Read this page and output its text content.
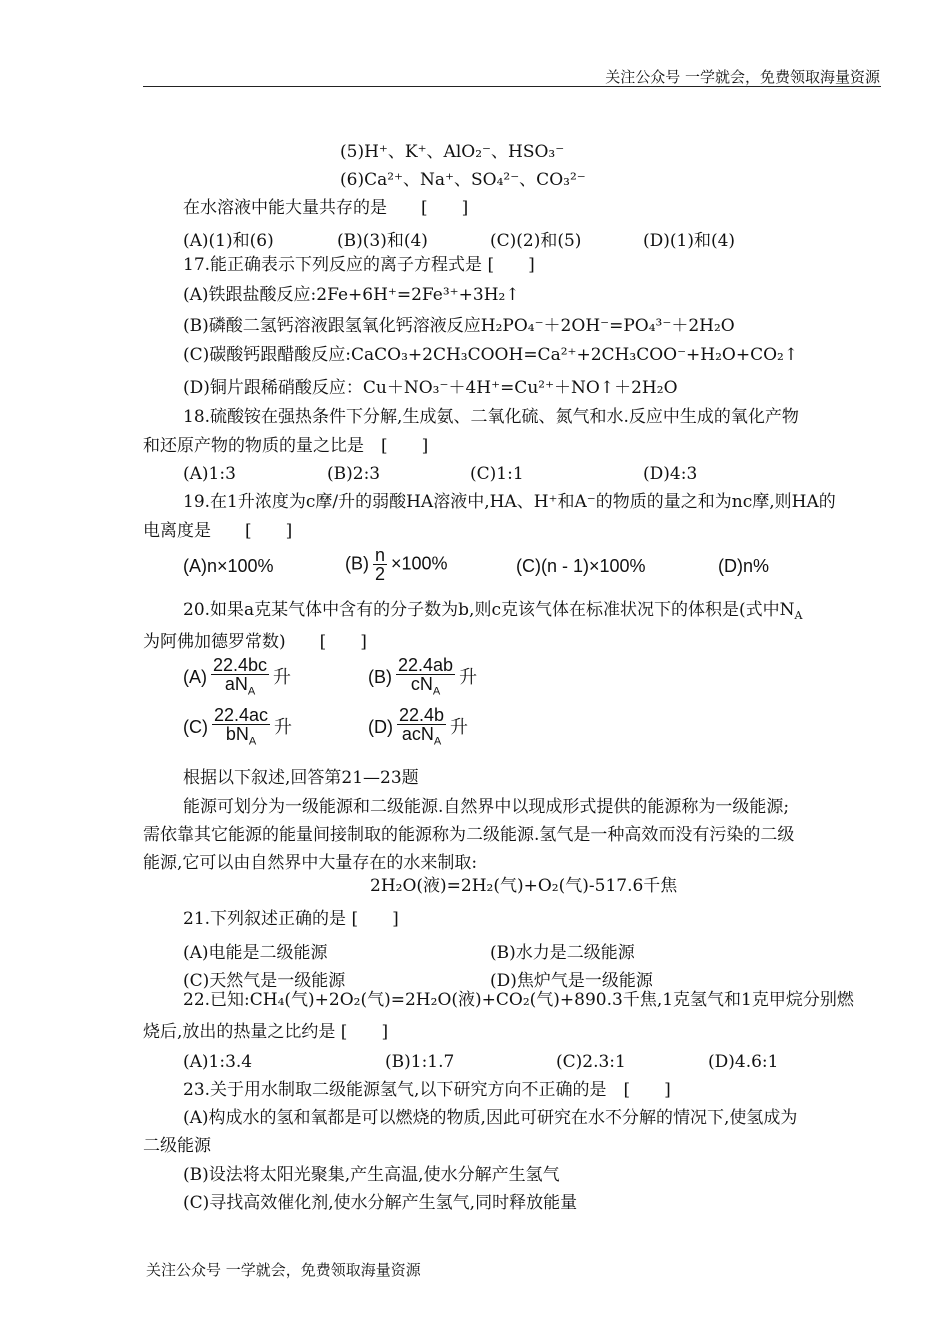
关注公众号 一学就会，免费领取海量资源
(5)H⁺、K⁺、AlO₂⁻、HSO₃⁻
(6)Ca²⁺、Na⁺、SO₄²⁻、CO₃²⁻
在水溶液中能大量共存的是　　[　　]
(A)(1)和(6)	(B)(3)和(4)	(C)(2)和(5)	(D)(1)和(4)
17.能正确表示下列反应的离子方程式是 [　　]
(A)铁跟盐酸反应:2Fe+6H⁺=2Fe³⁺+3H₂↑
(B)磷酸二氢钙溶液跟氢氧化钙溶液反应H₂PO₄⁻＋2OH⁻=PO₄³⁻＋2H₂O
(C)碳酸钙跟醋酸反应:CaCO₃+2CH₃COOH=Ca²⁺+2CH₃COO⁻+H₂O+CO₂↑
(D)铜片跟稀硝酸反应：Cu＋NO₃⁻＋4H⁺=Cu²⁺＋NO↑＋2H₂O
18.硫酸铵在强热条件下分解,生成氨、二氧化硫、氮气和水.反应中生成的氧化产物
和还原产物的物质的量之比是　[　　]
(A)1:3	(B)2:3	(C)1:1	(D)4:3
19.在1升浓度为c摩/升的弱酸HA溶液中,HA、H⁺和A⁻的物质的量之和为nc摩,则HA的
电离度是　　[　　]
(A)n×100%	$(B) \frac{n}{2} \times 100\%$	(C)(n - 1)×100%	(D)n%
20.如果a克某气体中含有的分子数为b,则c克该气体在标准状况下的体积是(式中$N_A$
为阿佛加德罗常数)　　[　　]
$(A) \frac{22.4bc}{aN_A}$ 升	$(B) \frac{22.4ab}{cN_A}$ 升
$(C) \frac{22.4ac}{bN_A}$ 升	$(D) \frac{22.4b}{acN_A}$ 升
根据以下叙述,回答第21—23题
能源可划分为一级能源和二级能源.自然界中以现成形式提供的能源称为一级能源;
需依靠其它能源的能量间接制取的能源称为二级能源.氢气是一种高效而没有污染的二级
能源,它可以由自然界中大量存在的水来制取:
2H₂O(液)=2H₂(气)+O₂(气)-517.6千焦
21.下列叙述正确的是 [　　]
(A)电能是二级能源	(B)水力是二级能源
(C)天然气是一级能源	(D)焦炉气是一级能源
22.已知:CH₄(气)+2O₂(气)=2H₂O(液)+CO₂(气)+890.3千焦,1克氢气和1克甲烷分别燃
烧后,放出的热量之比约是 [　　]
(A)1:3.4	(B)1:1.7	(C)2.3:1	(D)4.6:1
23.关于用水制取二级能源氢气,以下研究方向不正确的是　[　　]
(A)构成水的氢和氧都是可以燃烧的物质,因此可研究在水不分解的情况下,使氢成为
二级能源
(B)设法将太阳光聚集,产生高温,使水分解产生氢气
(C)寻找高效催化剂,使水分解产生氢气,同时释放能量
关注公众号 一学就会，免费领取海量资源
